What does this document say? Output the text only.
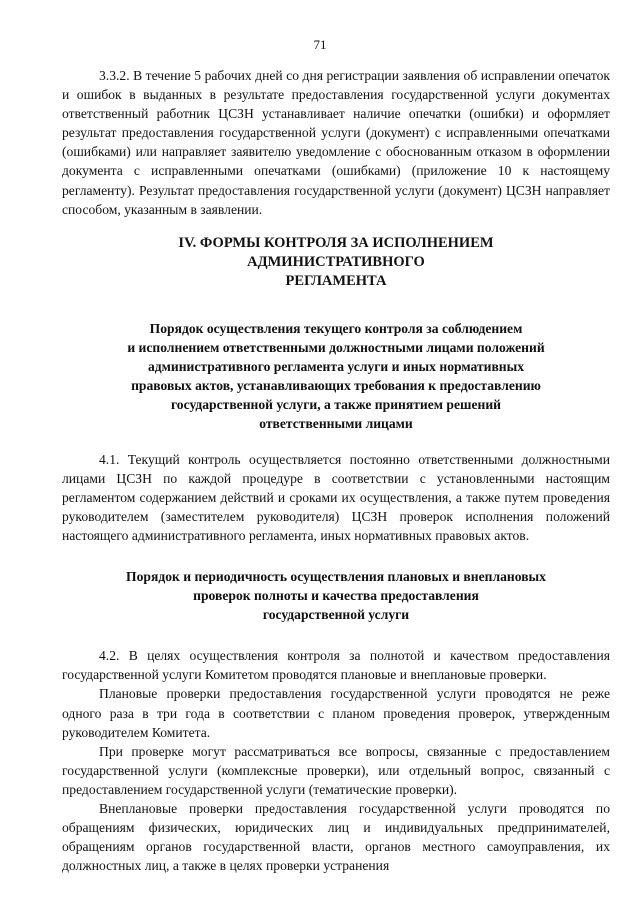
71

3.3.2. В течение 5 рабочих дней со дня регистрации заявления об исправлении опечаток и ошибок в выданных в результате предоставления государственной услуги документах ответственный работник ЦСЗН устанавливает наличие опечатки (ошибки) и оформляет результат предоставления государственной услуги (документ) с исправленными опечатками (ошибками) или направляет заявителю уведомление с обоснованным отказом в оформлении документа с исправленными опечатками (ошибками) (приложение 10 к настоящему регламенту). Результат предоставления государственной услуги (документ) ЦСЗН направляет способом, указанным в заявлении.

IV. ФОРМЫ КОНТРОЛЯ ЗА ИСПОЛНЕНИЕМ
АДМИНИСТРАТИВНОГО
РЕГЛАМЕНТА
Порядок осуществления текущего контроля за соблюдением
и исполнением ответственными должностными лицами положений
административного регламента услуги и иных нормативных
правовых актов, устанавливающих требования к предоставлению
государственной услуги, а также принятием решений
ответственными лицами

4.1. Текущий контроль осуществляется постоянно ответственными должностными лицами ЦСЗН по каждой процедуре в соответствии с установленными настоящим регламентом содержанием действий и сроками их осуществления, а также путем проведения руководителем (заместителем руководителя) ЦСЗН проверок исполнения положений настоящего административного регламента, иных нормативных правовых актов.

Порядок и периодичность осуществления плановых и внеплановых
проверок полноты и качества предоставления
государственной услуги

4.2. В целях осуществления контроля за полнотой и качеством предоставления государственной услуги Комитетом проводятся плановые и внеплановые проверки.

Плановые проверки предоставления государственной услуги проводятся не реже одного раза в три года в соответствии с планом проведения проверок, утвержденным руководителем Комитета.

При проверке могут рассматриваться все вопросы, связанные с предоставлением государственной услуги (комплексные проверки), или отдельный вопрос, связанный с предоставлением государственной услуги (тематические проверки).

Внеплановые проверки предоставления государственной услуги проводятся по обращениям физических, юридических лиц и индивидуальных предпринимателей, обращениям органов государственной власти, органов местного самоуправления, их должностных лиц, а также в целях проверки устранения
